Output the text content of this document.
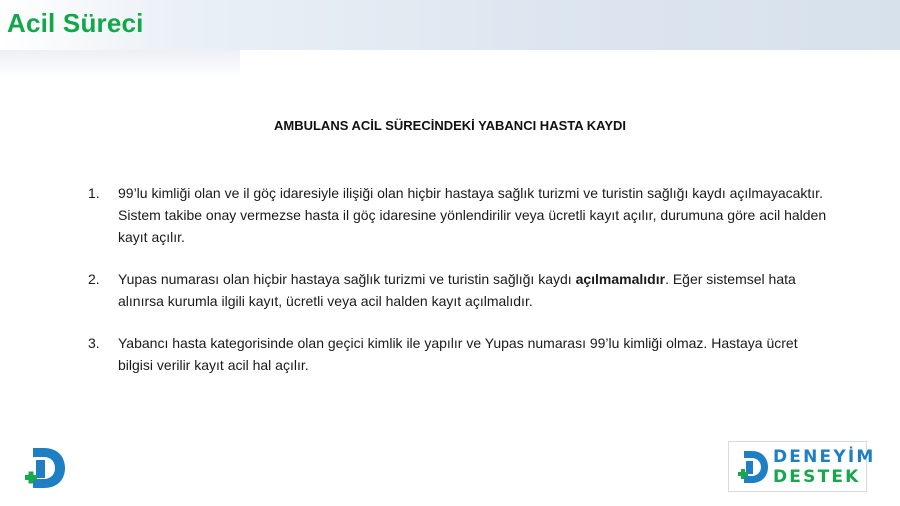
Acil Süreci
AMBULANS ACİL SÜRECİNDEKİ YABANCI HASTA KAYDI
1.	99’lu kimliği olan ve il göç idaresiyle ilişiği olan hiçbir hastaya sağlık turizmi ve turistin sağlığı kaydı açılmayacaktır. Sistem takibe onay vermezse hasta il göç idaresine yönlendirilir veya ücretli kayıt açılır, durumuna göre acil halden kayıt açılır.
2.	Yupas numarası olan hiçbir hastaya sağlık turizmi ve turistin sağlığı kaydı açılmamalıdır. Eğer sistemsel hata alınırsa kurumla ilgili kayıt, ücretli veya acil halden kayıt açılmalıdır.
3.	Yabancı hasta kategorisinde olan geçici kimlik ile yapılır ve Yupas numarası 99’lu kimliği olmaz. Hastaya ücret bilgisi verilir kayıt acil hal açılır.
DENEYİM
DESTEK
